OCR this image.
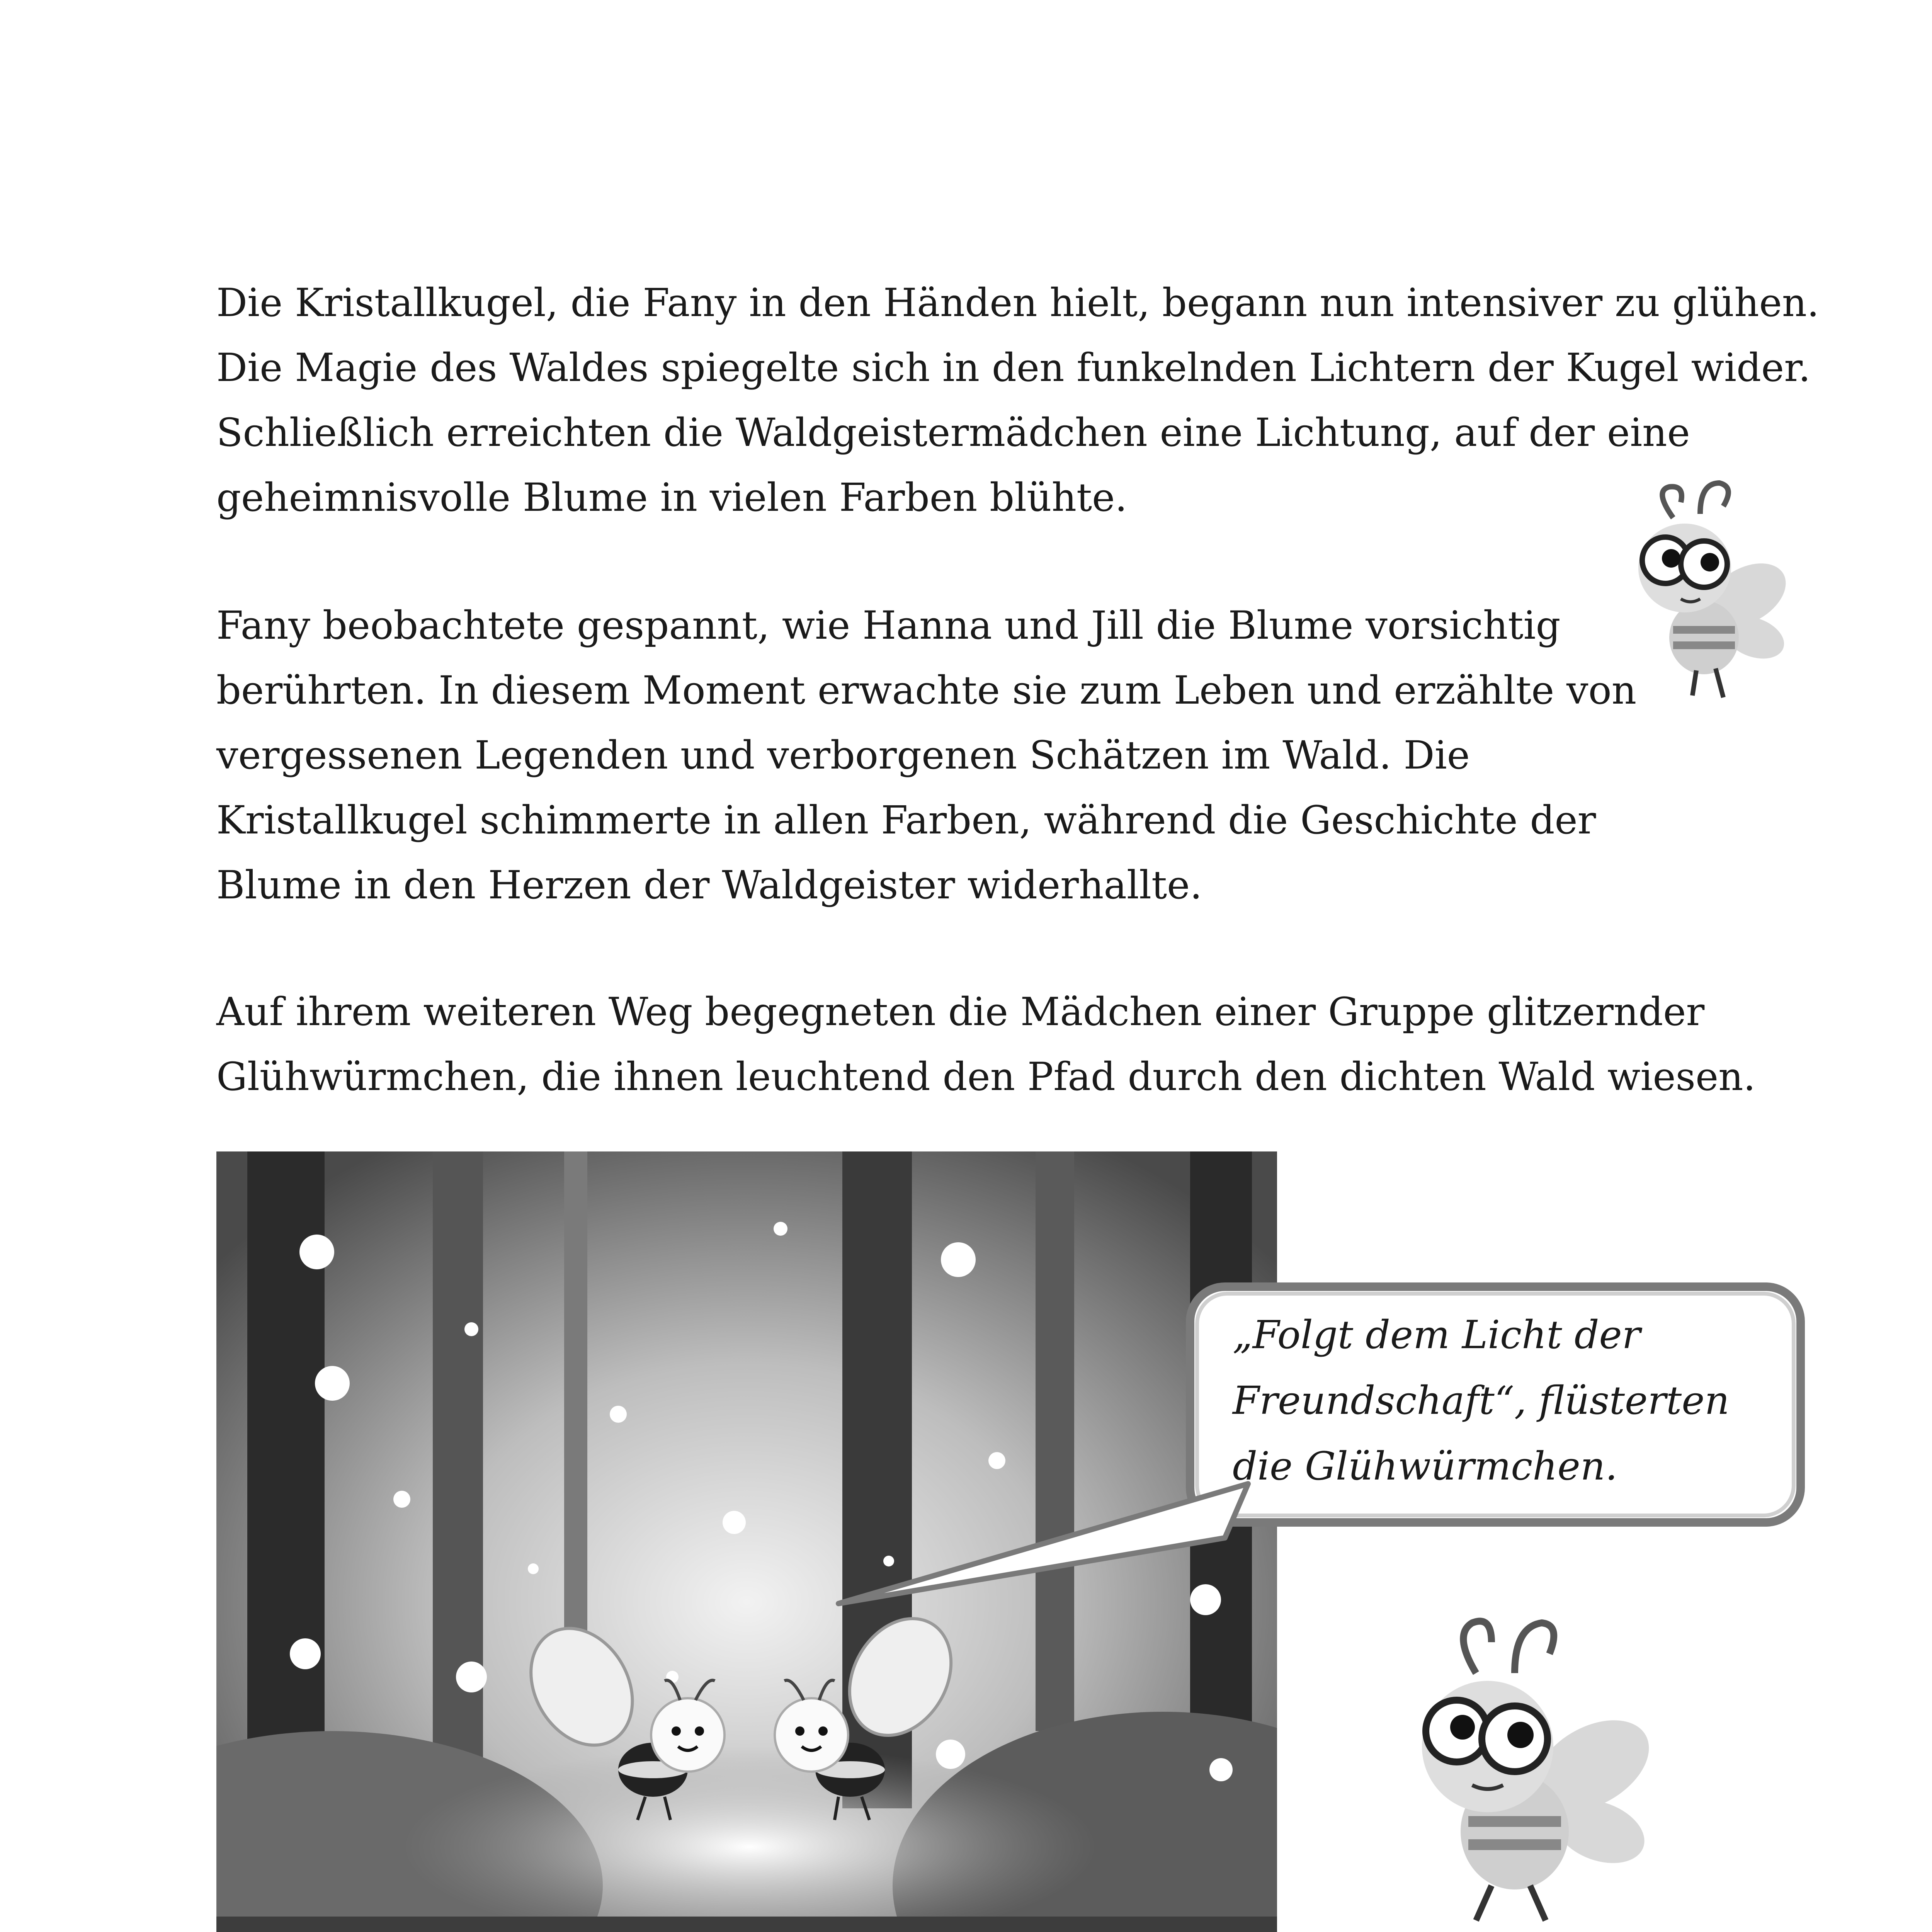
Die Kristallkugel, die Fany in den Händen hielt, begann nun intensiver zu glühen. Die Magie des Waldes spiegelte sich in den funkelnden Lichtern der Kugel wider. Schließlich erreichten die Waldgeistermädchen eine Lichtung, auf der eine geheimnisvolle Blume in vielen Farben blühte.

Fany beobachtete gespannt, wie Hanna und Jill die Blume vorsichtig berührten. In diesem Moment erwachte sie zum Leben und erzählte von vergessenen Legenden und verborgenen Schätzen im Wald. Die Kristallkugel schimmerte in allen Farben, während die Geschichte der Blume in den Herzen der Waldgeister widerhallte.

Auf ihrem weiteren Weg begegneten die Mädchen einer Gruppe glitzernder Glühwürmchen, die ihnen leuchtend den Pfad durch den dichten Wald wiesen.

„Folgt dem Licht der Freundschaft“, flüsterten die Glühwürmchen.
